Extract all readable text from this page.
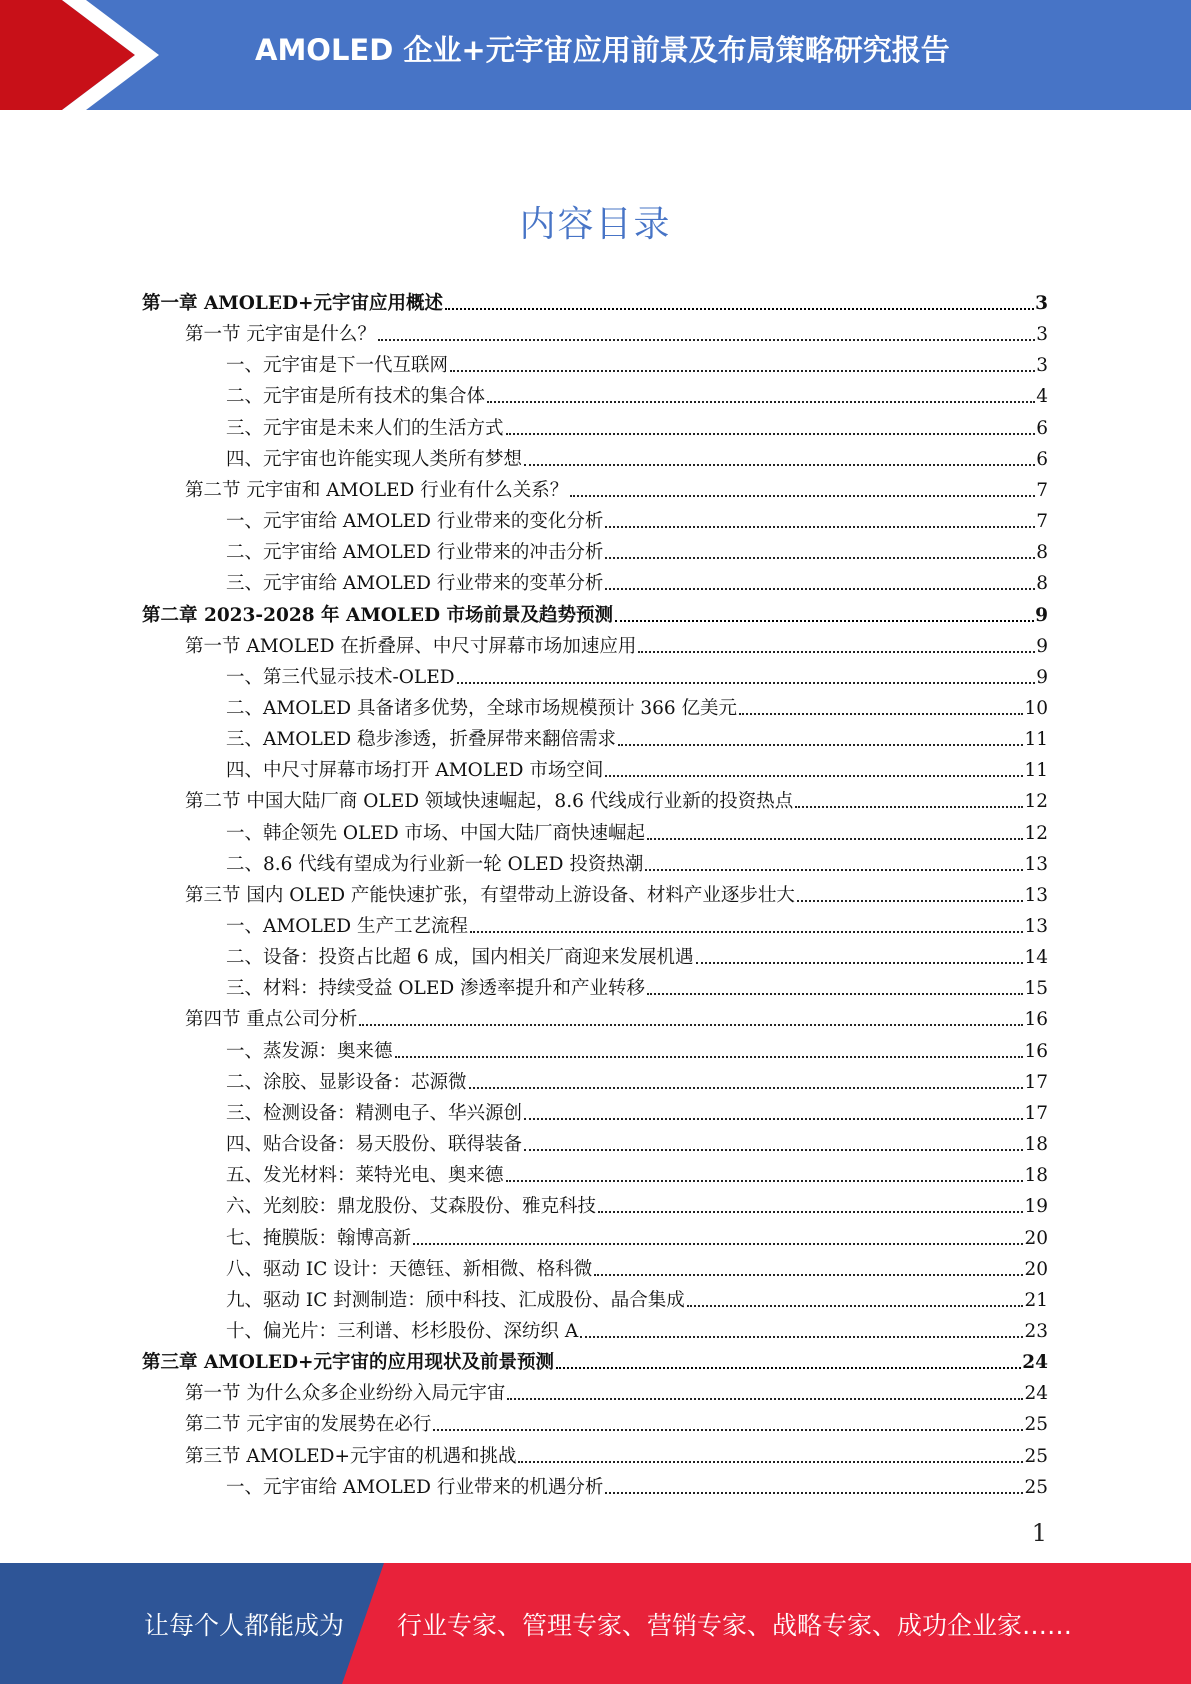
AMOLED 企业+元宇宙应用前景及布局策略研究报告
内容目录
第一章 AMOLED+元宇宙应用概述	3
第一节 元宇宙是什么？	3
一、元宇宙是下一代互联网	3
二、元宇宙是所有技术的集合体	4
三、元宇宙是未来人们的生活方式	6
四、元宇宙也许能实现人类所有梦想	6
第二节 元宇宙和 AMOLED 行业有什么关系？	7
一、元宇宙给 AMOLED 行业带来的变化分析	7
二、元宇宙给 AMOLED 行业带来的冲击分析	8
三、元宇宙给 AMOLED 行业带来的变革分析	8
第二章 2023-2028 年 AMOLED 市场前景及趋势预测	9
第一节 AMOLED 在折叠屏、中尺寸屏幕市场加速应用	9
一、第三代显示技术-OLED	9
二、AMOLED 具备诸多优势，全球市场规模预计 366 亿美元	10
三、AMOLED 稳步渗透，折叠屏带来翻倍需求	11
四、中尺寸屏幕市场打开 AMOLED 市场空间	11
第二节 中国大陆厂商 OLED 领域快速崛起，8.6 代线成行业新的投资热点	12
一、韩企领先 OLED 市场、中国大陆厂商快速崛起	12
二、8.6 代线有望成为行业新一轮 OLED 投资热潮	13
第三节 国内 OLED 产能快速扩张，有望带动上游设备、材料产业逐步壮大	13
一、AMOLED 生产工艺流程	13
二、设备：投资占比超 6 成，国内相关厂商迎来发展机遇	14
三、材料：持续受益 OLED 渗透率提升和产业转移	15
第四节 重点公司分析	16
一、蒸发源：奥来德	16
二、涂胶、显影设备：芯源微	17
三、检测设备：精测电子、华兴源创	17
四、贴合设备：易天股份、联得装备	18
五、发光材料：莱特光电、奥来德	18
六、光刻胶：鼎龙股份、艾森股份、雅克科技	19
七、掩膜版：翰博高新	20
八、驱动 IC 设计：天德钰、新相微、格科微	20
九、驱动 IC 封测制造：颀中科技、汇成股份、晶合集成	21
十、偏光片：三利谱、杉杉股份、深纺织 A	23
第三章 AMOLED+元宇宙的应用现状及前景预测	24
第一节 为什么众多企业纷纷入局元宇宙	24
第二节 元宇宙的发展势在必行	25
第三节 AMOLED+元宇宙的机遇和挑战	25
一、元宇宙给 AMOLED 行业带来的机遇分析	25
1
让每个人都能成为 行业专家、管理专家、营销专家、战略专家、成功企业家……
